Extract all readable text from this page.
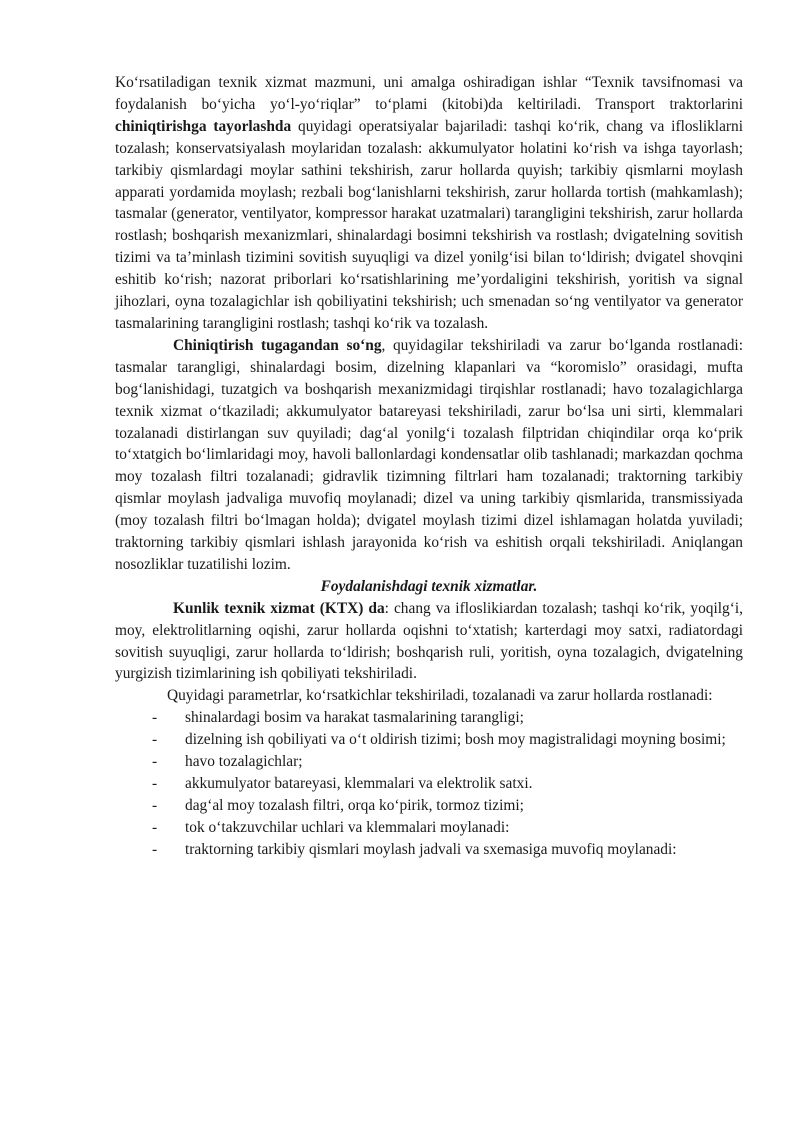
Koʻrsatiladigan texnik xizmat mazmuni, uni amalga oshiradigan ishlar “Texnik tavsifnomasi va foydalanish boʻyicha yoʻl-yoʻriqlar” toʻplami (kitobi)da keltiriladi. Transport traktorlarini chiniqtirishga tayorlashda quyidagi operatsiyalar bajariladi: tashqi koʻrik, chang va iflosliklarni tozalash; konservatsiyalash moylaridan tozalash: akkumulyator holatini koʻrish va ishga tayorlash; tarkibiy qismlardagi moylar sathini tekshirish, zarur hollarda quyish; tarkibiy qismlarni moylash apparati yordamida moylash; rezbali bogʻlanishlarni tekshirish, zarur hollarda tortish (mahkamlash); tasmalar (generator, ventilyator, kompressor harakat uzatmalari) tarangligini tekshirish, zarur hollarda rostlash; boshqarish mexanizmlari, shinalardagi bosimni tekshirish va rostlash; dvigatelning sovitish tizimi va taʼminlash tizimini sovitish suyuqligi va dizel yonilgʻisi bilan toʻldirish; dvigatel shovqini eshitib koʻrish; nazorat priborlari koʻrsatishlarining meʼyordaligini tekshirish, yoritish va signal jihozlari, oyna tozalagichlar ish qobiliyatini tekshirish; uch smenadan soʻng ventilyator va generator tasmalarining tarangligini rostlash; tashqi koʻrik va tozalash.

Chiniqtirish tugagandan soʻng, quyidagilar tekshiriladi va zarur boʻlganda rostlanadi: tasmalar tarangligi, shinalardagi bosim, dizelning klapanlari va “koromislo” orasidagi, mufta bogʻlanishidagi, tuzatgich va boshqarish mexanizmidagi tirqishlar rostlanadi; havo tozalagichlarga texnik xizmat oʻtkaziladi; akkumulyator batareyasi tekshiriladi, zarur boʻlsa uni sirti, klemmalari tozalanadi distirlangan suv quyiladi; dagʻal yonilgʻi tozalash filptridan chiqindilar orqa koʻprik toʻxtatgich boʻlimlaridagi moy, havoli ballonlardagi kondensatlar olib tashlanadi; markazdan qochma moy tozalash filtri tozalanadi; gidravlik tizimning filtrlari ham tozalanadi; traktorning tarkibiy qismlar moylash jadvaliga muvofiq moylanadi; dizel va uning tarkibiy qismlarida, transmissiyada (moy tozalash filtri boʻlmagan holda); dvigatel moylash tizimi dizel ishlamagan holatda yuviladi; traktorning tarkibiy qismlari ishlash jarayonida koʻrish va eshitish orqali tekshiriladi. Aniqlangan nosozliklar tuzatilishi lozim.

Foydalanishdagi texnik xizmatlar.

Kunlik texnik xizmat (KTX) da: chang va ifloslikiardan tozalash; tashqi koʻrik, yoqilgʻi, moy, elektrolitlarning oqishi, zarur hollarda oqishni toʻxtatish; karterdagi moy satxi, radiatordagi sovitish suyuqligi, zarur hollarda toʻldirish; boshqarish ruli, yoritish, oyna tozalagich, dvigatelning yurgizish tizimlarining ish qobiliyati tekshiriladi.

Quyidagi parametrlar, koʻrsatkichlar tekshiriladi, tozalanadi va zarur hollarda rostlanadi:

- shinalardagi bosim va harakat tasmalarining tarangligi;

- dizelning ish qobiliyati va oʻt oldirish tizimi; bosh moy magistralidagi moyning bosimi;

- havo tozalagichlar;

- akkumulyator batareyasi, klemmalari va elektrolik satxi.

- dagʻal moy tozalash filtri, orqa koʻpirik, tormoz tizimi;

- tok oʻtakzuvchilar uchlari va klemmalari moylanadi:

- traktorning tarkibiy qismlari moylash jadvali va sxemasiga muvofiq moylanadi:
